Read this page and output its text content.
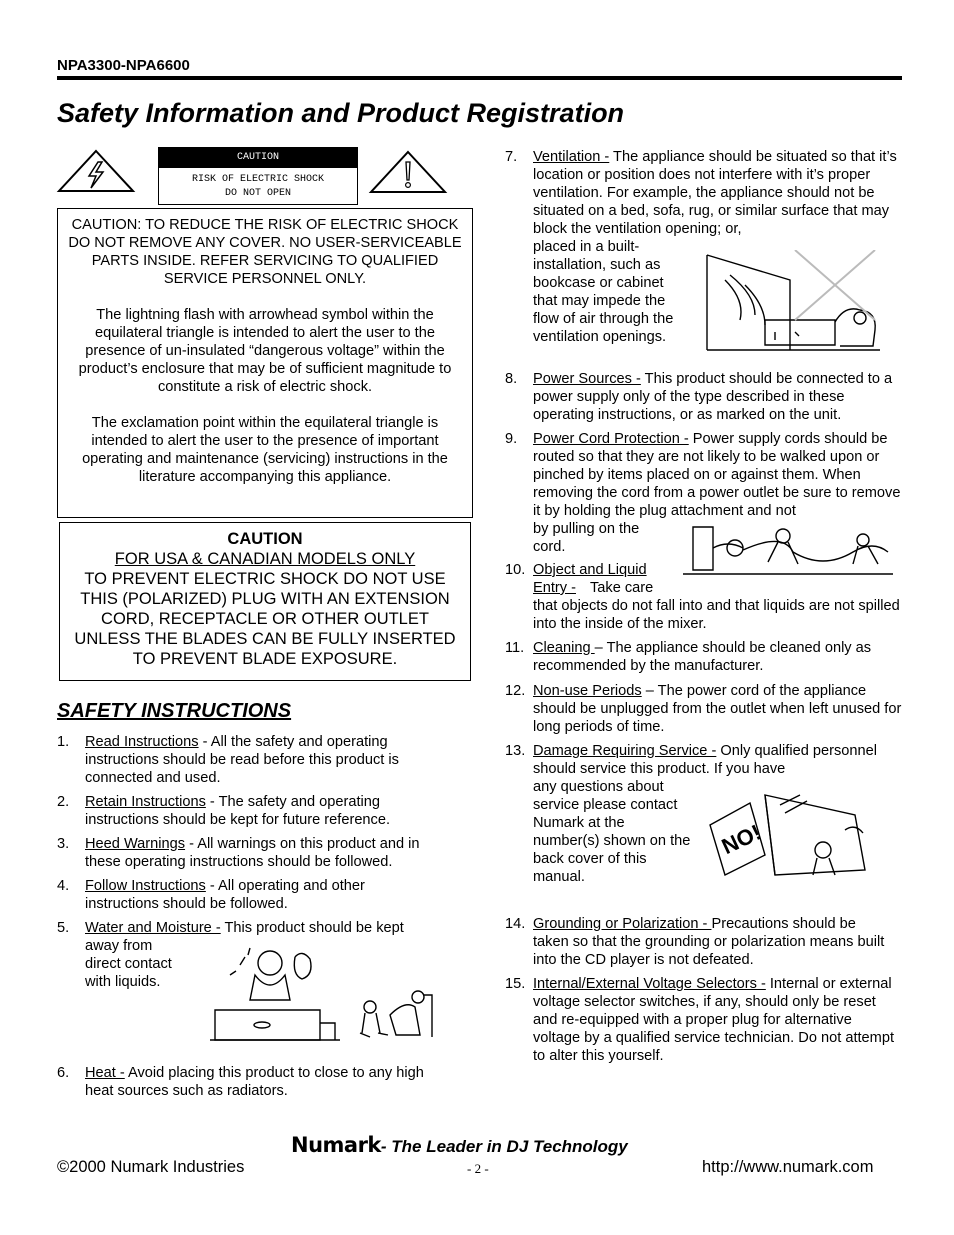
NPA3300-NPA6600
Safety Information and Product Registration
CAUTION
RISK OF ELECTRIC SHOCK
DO NOT OPEN

CAUTION: TO REDUCE THE RISK OF ELECTRIC SHOCK DO NOT REMOVE ANY COVER. NO USER-SERVICEABLE PARTS INSIDE. REFER SERVICING TO QUALIFIED SERVICE PERSONNEL ONLY.

The lightning flash with arrowhead symbol within the equilateral triangle is intended to alert the user to the presence of un-insulated “dangerous voltage” within the product’s enclosure that may be of sufficient magnitude to constitute a risk of electric shock.

The exclamation point within the equilateral triangle is intended to alert the user to the presence of important operating and maintenance (servicing) instructions in the literature accompanying this appliance.

CAUTION
FOR USA & CANADIAN MODELS ONLY
TO PREVENT ELECTRIC SHOCK DO NOT USE THIS (POLARIZED) PLUG WITH AN EXTENSION CORD, RECEPTACLE OR OTHER OUTLET UNLESS THE BLADES CAN BE FULLY INSERTED TO PREVENT BLADE EXPOSURE.
SAFETY INSTRUCTIONS
1. Read Instructions - All the safety and operating instructions should be read before this product is connected and used.
2. Retain Instructions - The safety and operating instructions should be kept for future reference.
3. Heed Warnings - All warnings on this product and in these operating instructions should be followed.
4. Follow Instructions - All operating and other instructions should be followed.
5. Water and Moisture - This product should be kept
away from direct contact with liquids.
6. Heat - Avoid placing this product to close to any high heat sources such as radiators.
7. Ventilation - The appliance should be situated so that it’s location or position does not interfere with it’s proper ventilation. For example, the appliance should not be situated on a bed, sofa, rug, or similar surface that may block the ventilation opening; or,
placed in a built-installation, such as bookcase or cabinet that may impede the flow of air through the ventilation openings.
8. Power Sources - This product should be connected to a power supply only of the type described in these operating instructions, or as marked on the unit.
9. Power Cord Protection - Power supply cords should be routed so that they are not likely to be walked upon or pinched by items placed on or against them. When removing the cord from a power outlet be sure to remove it by holding the plug attachment and not
by pulling on the cord.
10. Object and Liquid Entry - Take care
that objects do not fall into and that liquids are not spilled into the inside of the mixer.
11. Cleaning – The appliance should be cleaned only as recommended by the manufacturer.
12. Non-use Periods – The power cord of the appliance should be unplugged from the outlet when left unused for long periods of time.
13. Damage Requiring Service - Only qualified personnel should service this product. If you have
any questions about service please contact Numark at the number(s) shown on the back cover of this manual.
NO!
14. Grounding or Polarization - Precautions should be taken so that the grounding or polarization means built into the CD player is not defeated.
15. Internal/External Voltage Selectors - Internal or external voltage selector switches, if any, should only be reset and re-equipped with a proper plug for alternative voltage by a qualified service technician. Do not attempt to alter this yourself.
Numark- The Leader in DJ Technology
©2000 Numark Industries	- 2 -	http://www.numark.com
